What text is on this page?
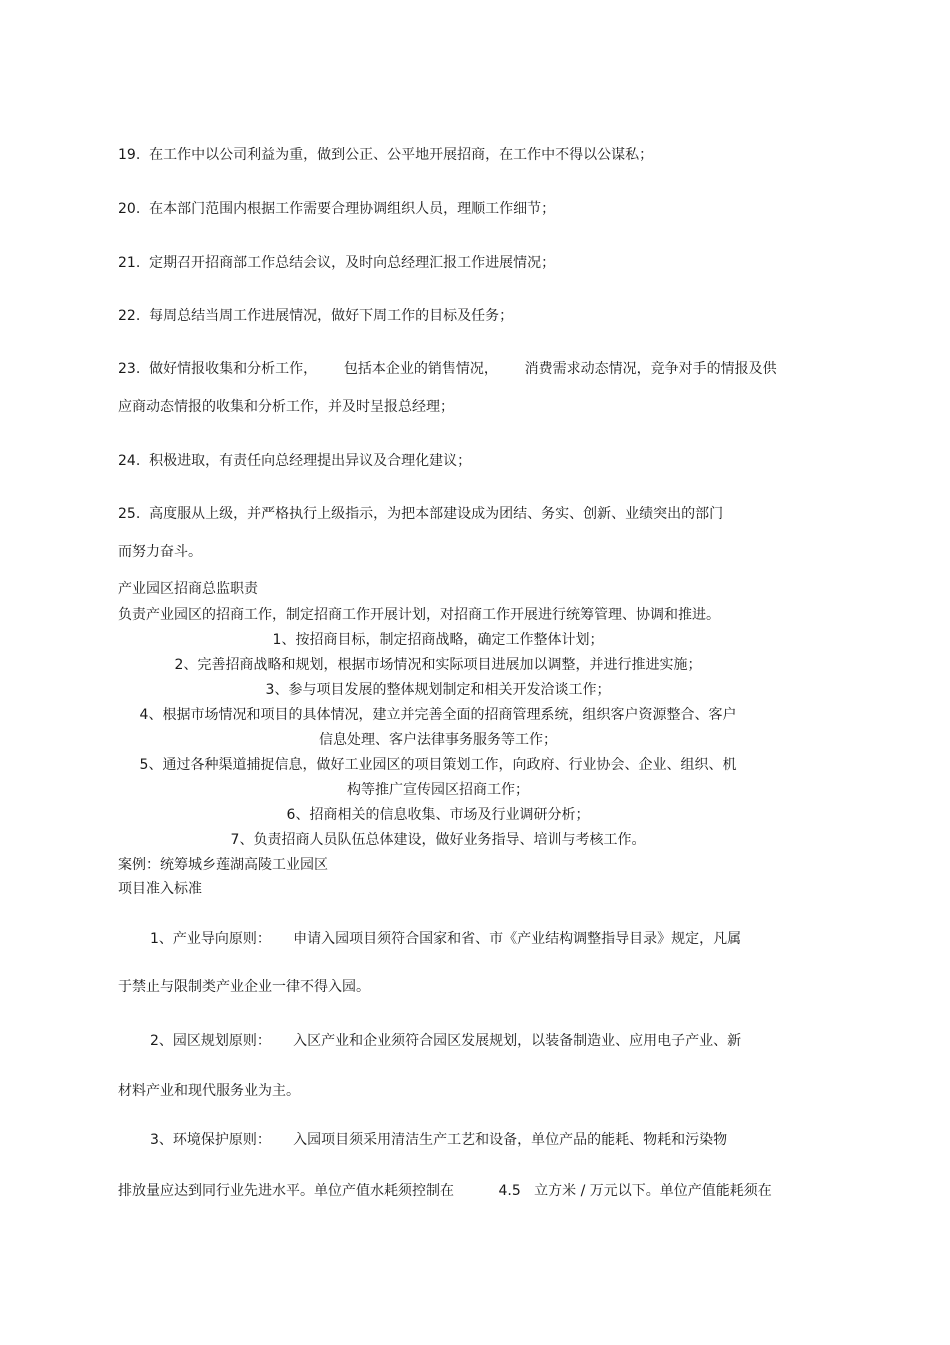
19.  在工作中以公司利益为重，做到公正、公平地开展招商，在工作中不得以公谋私；
20.  在本部门范围内根据工作需要合理协调组织人员，理顺工作细节；
21.  定期召开招商部工作总结会议，及时向总经理汇报工作进展情况；
22.  每周总结当周工作进展情况，做好下周工作的目标及任务；
23.  做好情报收集和分析工作，      包括本企业的销售情况，      消费需求动态情况，竞争对手的情报及供
应商动态情报的收集和分析工作，并及时呈报总经理；
24.  积极进取，有责任向总经理提出异议及合理化建议；
25.  高度服从上级，并严格执行上级指示，为把本部建设成为团结、务实、创新、业绩突出的部门
而努力奋斗。
产业园区招商总监职责
负责产业园区的招商工作，制定招商工作开展计划，对招商工作开展进行统筹管理、协调和推进。
1、按招商目标，制定招商战略，确定工作整体计划；
2、完善招商战略和规划，根据市场情况和实际项目进展加以调整，并进行推进实施；
3、参与项目发展的整体规划制定和相关开发洽谈工作；
4、根据市场情况和项目的具体情况，建立并完善全面的招商管理系统，组织客户资源整合、客户
信息处理、客户法律事务服务等工作；
5、通过各种渠道捕捉信息，做好工业园区的项目策划工作，向政府、行业协会、企业、组织、机
构等推广宣传园区招商工作；
6、招商相关的信息收集、市场及行业调研分析；
7、负责招商人员队伍总体建设，做好业务指导、培训与考核工作。
案例：统筹城乡莲湖高陵工业园区
项目准入标准
1、产业导向原则：     申请入园项目须符合国家和省、市《产业结构调整指导目录》规定，凡属
于禁止与限制类产业企业一律不得入园。
2、园区规划原则：     入区产业和企业须符合园区发展规划，以装备制造业、应用电子产业、新
材料产业和现代服务业为主。
3、环境保护原则：     入园项目须采用清洁生产工艺和设备，单位产品的能耗、物耗和污染物
排放量应达到同行业先进水平。单位产值水耗须控制在          4.5   立方米 / 万元以下。单位产值能耗须在
